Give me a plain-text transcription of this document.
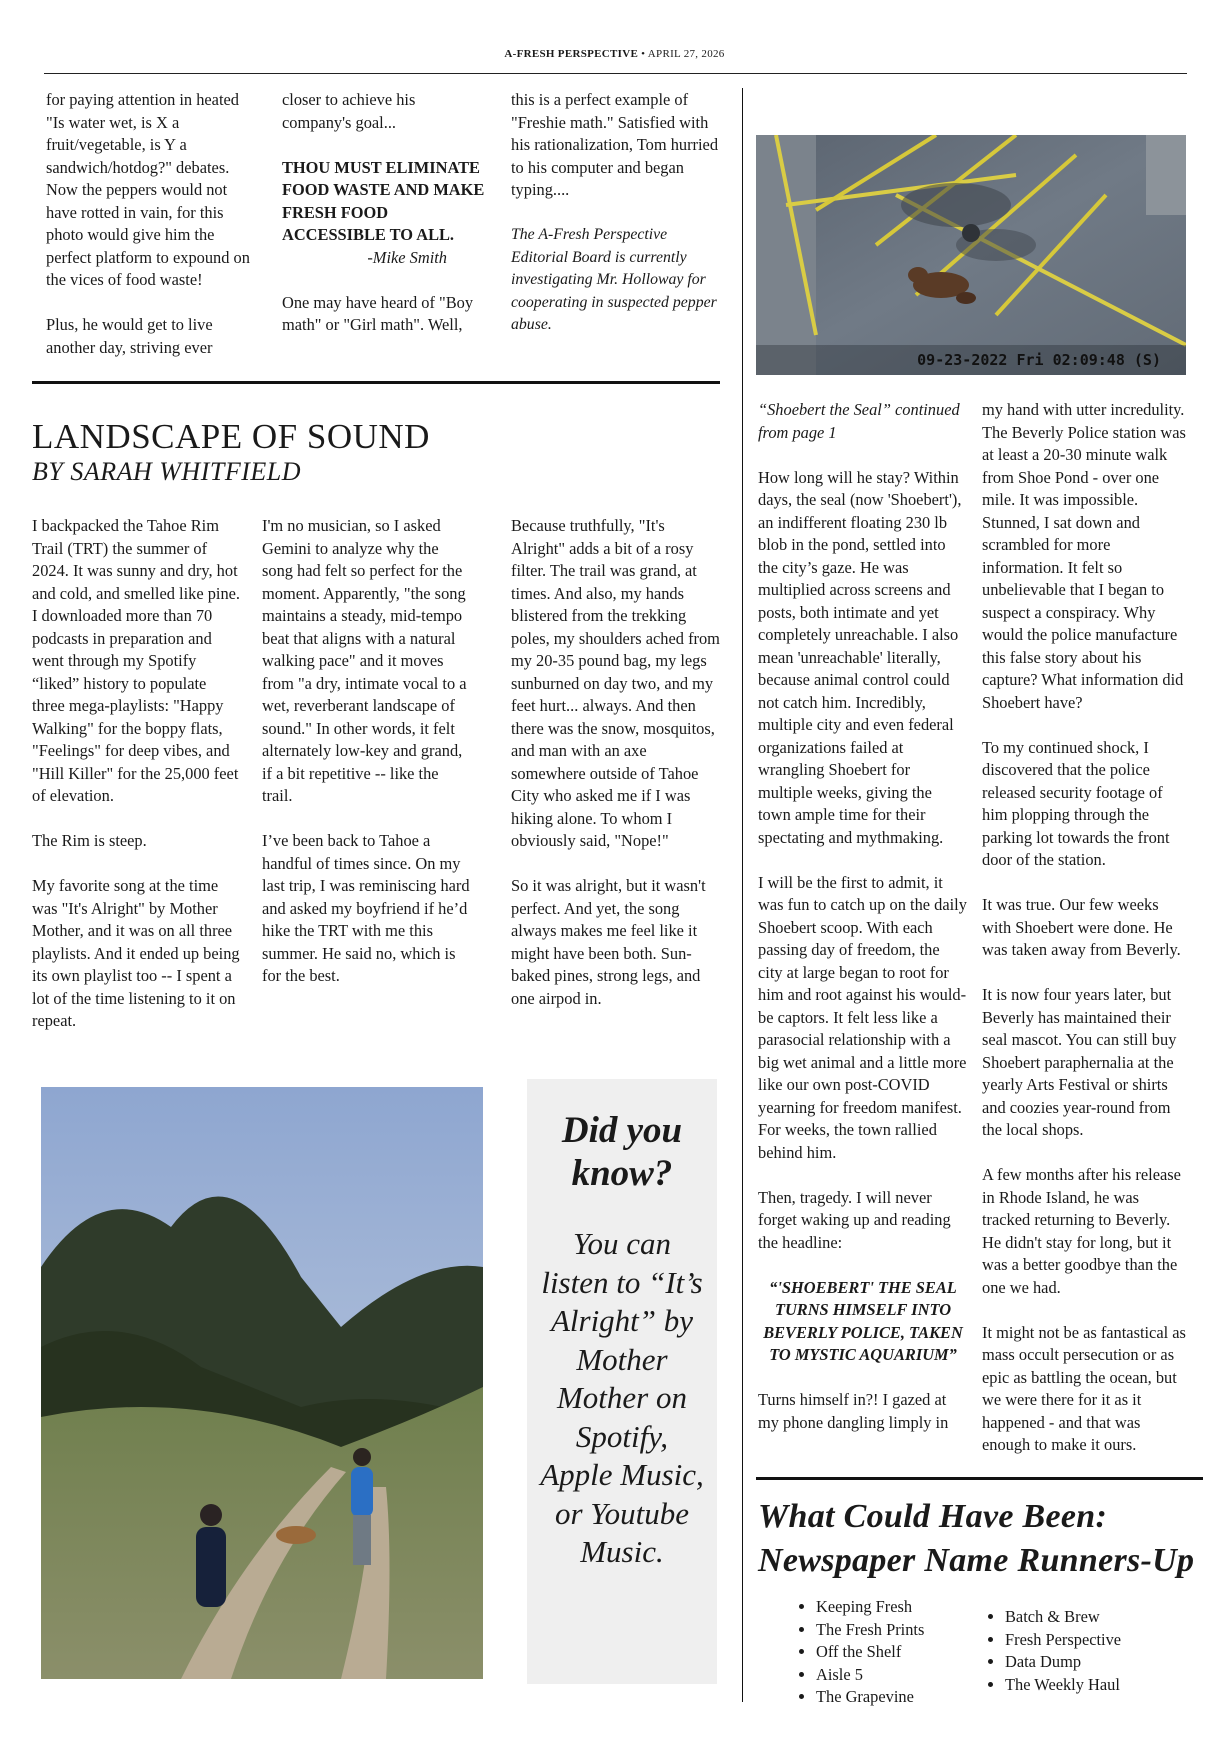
A-FRESH PERSPECTIVE • APRIL 27, 2026

for paying attention in heated "Is water wet, is X a fruit/vegetable, is Y a sandwich/hotdog?" debates. Now the peppers would not have rotted in vain, for this photo would give him the perfect platform to expound on the vices of food waste!

Plus, he would get to live another day, striving ever

closer to achieve his company's goal...

THOU MUST ELIMINATE FOOD WASTE AND MAKE FRESH FOOD ACCESSIBLE TO ALL.
-Mike Smith

One may have heard of "Boy math" or "Girl math". Well,

this is a perfect example of "Freshie math." Satisfied with his rationalization, Tom hurried to his computer and began typing....

The A-Fresh Perspective Editorial Board is currently investigating Mr. Holloway for cooperating in suspected pepper abuse.

09-23-2022 Fri 02:09:48 (S)
LANDSCAPE OF SOUND
BY SARAH WHITFIELD

I backpacked the Tahoe Rim Trail (TRT) the summer of 2024. It was sunny and dry, hot and cold, and smelled like pine. I downloaded more than 70 podcasts in preparation and went through my Spotify “liked” history to populate three mega-playlists: "Happy Walking" for the boppy flats, "Feelings" for deep vibes, and "Hill Killer" for the 25,000 feet of elevation.

The Rim is steep.

My favorite song at the time was "It's Alright" by Mother Mother, and it was on all three playlists. And it ended up being its own playlist too -- I spent a lot of the time listening to it on repeat.

I'm no musician, so I asked Gemini to analyze why the song had felt so perfect for the moment. Apparently, "the song maintains a steady, mid-tempo beat that aligns with a natural walking pace" and it moves from "a dry, intimate vocal to a wet, reverberant landscape of sound." In other words, it felt alternately low-key and grand, if a bit repetitive -- like the trail.

I’ve been back to Tahoe a handful of times since. On my last trip, I was reminiscing hard and asked my boyfriend if he’d hike the TRT with me this summer. He said no, which is for the best.

Because truthfully, "It's Alright" adds a bit of a rosy filter. The trail was grand, at times. And also, my hands blistered from the trekking poles, my shoulders ached from my 20-35 pound bag, my legs sunburned on day two, and my feet hurt... always. And then there was the snow, mosquitos, and man with an axe somewhere outside of Tahoe City who asked me if I was hiking alone. To whom I obviously said, "Nope!"

So it was alright, but it wasn't perfect. And yet, the song always makes me feel like it might have been both. Sun-baked pines, strong legs, and one airpod in.

Did you know?
You can listen to “It’s Alright” by Mother Mother on Spotify, Apple Music, or Youtube Music.

“Shoebert the Seal” continued from page 1

How long will he stay? Within days, the seal (now 'Shoebert'), an indifferent floating 230 lb blob in the pond, settled into the city’s gaze. He was multiplied across screens and posts, both intimate and yet completely unreachable. I also mean 'unreachable' literally, because animal control could not catch him. Incredibly, multiple city and even federal organizations failed at wrangling Shoebert for multiple weeks, giving the town ample time for their spectating and mythmaking.

I will be the first to admit, it was fun to catch up on the daily Shoebert scoop. With each passing day of freedom, the city at large began to root for him and root against his would-be captors. It felt less like a parasocial relationship with a big wet animal and a little more like our own post-COVID yearning for freedom manifest. For weeks, the town rallied behind him.

Then, tragedy. I will never forget waking up and reading the headline:

“'SHOEBERT' THE SEAL TURNS HIMSELF INTO BEVERLY POLICE, TAKEN TO MYSTIC AQUARIUM”

Turns himself in?! I gazed at my phone dangling limply in

my hand with utter incredulity. The Beverly Police station was at least a 20-30 minute walk from Shoe Pond - over one mile. It was impossible. Stunned, I sat down and scrambled for more information. It felt so unbelievable that I began to suspect a conspiracy. Why would the police manufacture this false story about his capture? What information did Shoebert have?

To my continued shock, I discovered that the police released security footage of him plopping through the parking lot towards the front door of the station.

It was true. Our few weeks with Shoebert were done. He was taken away from Beverly.

It is now four years later, but Beverly has maintained their seal mascot. You can still buy Shoebert paraphernalia at the yearly Arts Festival or shirts and coozies year-round from the local shops.

A few months after his release in Rhode Island, he was tracked returning to Beverly. He didn't stay for long, but it was a better goodbye than the one we had.

It might not be as fantastical as mass occult persecution or as epic as battling the ocean, but we were there for it as it happened - and that was enough to make it ours.

What Could Have Been:
Newspaper Name Runners-Up
• Keeping Fresh
• The Fresh Prints
• Off the Shelf
• Aisle 5
• The Grapevine
• Batch & Brew
• Fresh Perspective
• Data Dump
• The Weekly Haul
